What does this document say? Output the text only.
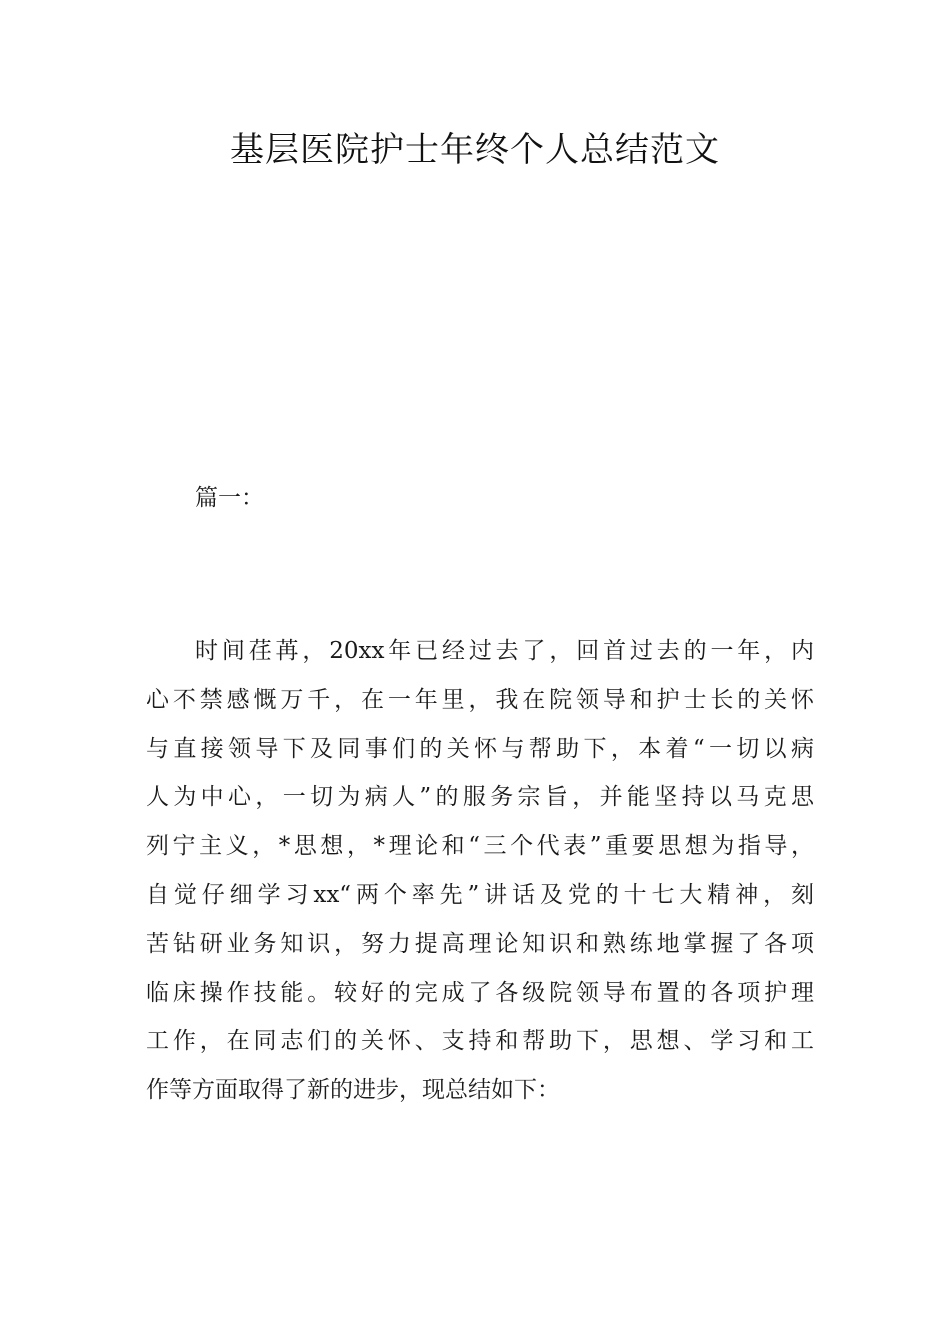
基层医院护士年终个人总结范文

篇一：

时间荏苒，20xx年已经过去了，回首过去的一年，内
心不禁感慨万千，在一年里，我在院领导和护士长的关怀
与直接领导下及同事们的关怀与帮助下，本着“一切以病
人为中心，一切为病人”的服务宗旨，并能坚持以马克思
列宁主义，*思想，*理论和“三个代表”重要思想为指导，
自觉仔细学习xx“两个率先”讲话及党的十七大精神，刻
苦钻研业务知识，努力提高理论知识和熟练地掌握了各项
临床操作技能。较好的完成了各级院领导布置的各项护理
工作，在同志们的关怀、支持和帮助下，思想、学习和工
作等方面取得了新的进步，现总结如下：
